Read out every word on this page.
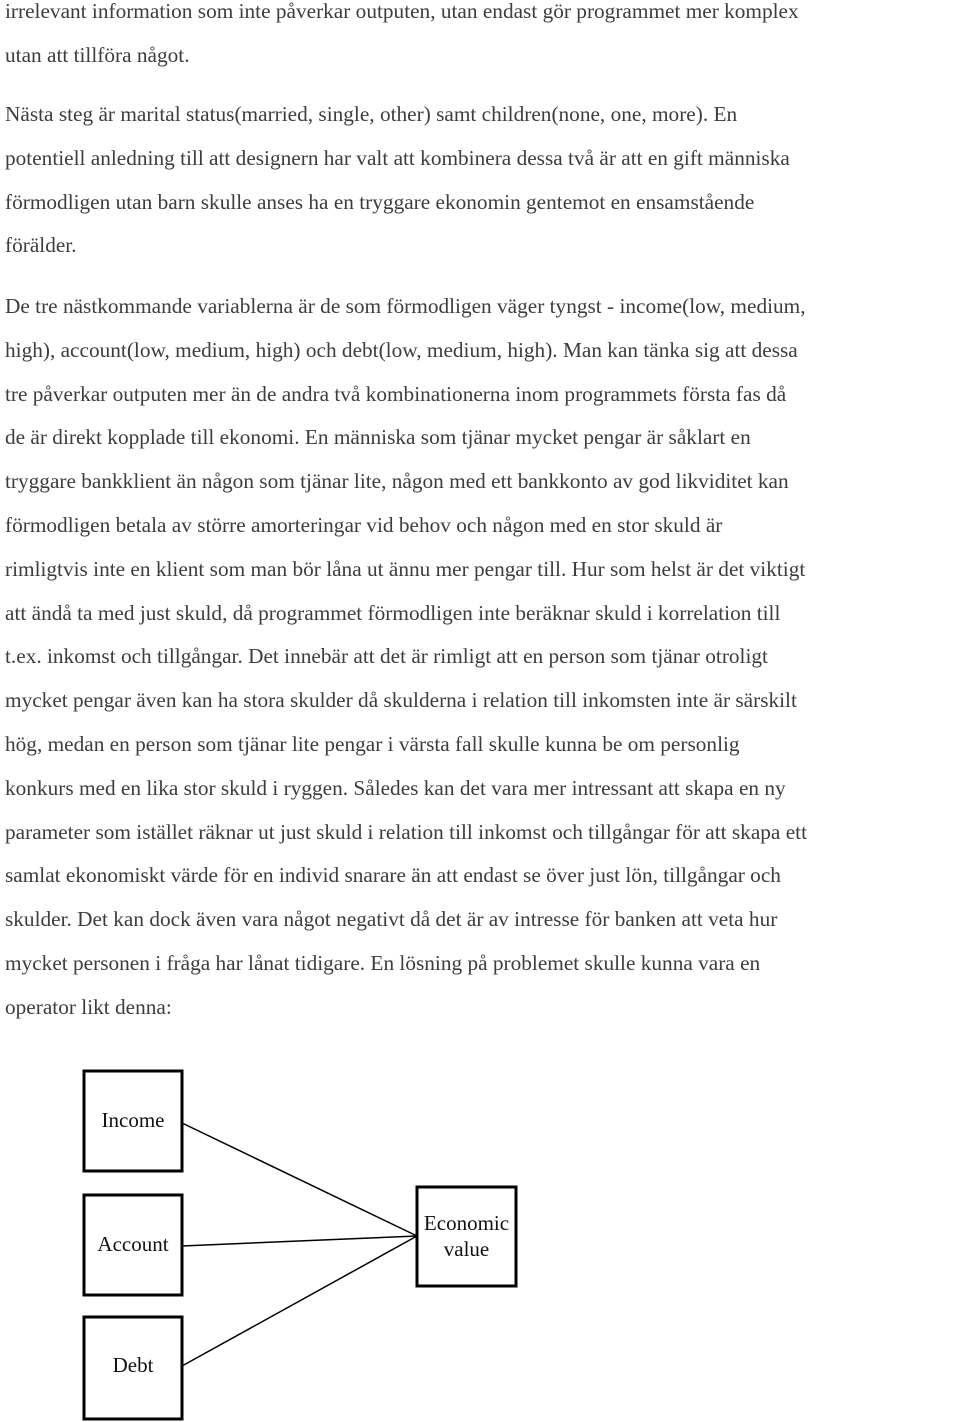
irrelevant information som inte påverkar outputen, utan endast gör programmet mer komplex
utan att tillföra något.

Nästa steg är marital status(married, single, other) samt children(none, one, more). En
potentiell anledning till att designern har valt att kombinera dessa två är att en gift människa
förmodligen utan barn skulle anses ha en tryggare ekonomin gentemot en ensamstående
förälder.

De tre nästkommande variablerna är de som förmodligen väger tyngst - income(low, medium,
high), account(low, medium, high) och debt(low, medium, high). Man kan tänka sig att dessa
tre påverkar outputen mer än de andra två kombinationerna inom programmets första fas då
de är direkt kopplade till ekonomi. En människa som tjänar mycket pengar är såklart en
tryggare bankklient än någon som tjänar lite, någon med ett bankkonto av god likviditet kan
förmodligen betala av större amorteringar vid behov och någon med en stor skuld är
rimligtvis inte en klient som man bör låna ut ännu mer pengar till. Hur som helst är det viktigt
att ändå ta med just skuld, då programmet förmodligen inte beräknar skuld i korrelation till
t.ex. inkomst och tillgångar. Det innebär att det är rimligt att en person som tjänar otroligt
mycket pengar även kan ha stora skulder då skulderna i relation till inkomsten inte är särskilt
hög, medan en person som tjänar lite pengar i värsta fall skulle kunna be om personlig
konkurs med en lika stor skuld i ryggen. Således kan det vara mer intressant att skapa en ny
parameter som istället räknar ut just skuld i relation till inkomst och tillgångar för att skapa ett
samlat ekonomiskt värde för en individ snarare än att endast se över just lön, tillgångar och
skulder. Det kan dock även vara något negativt då det är av intresse för banken att veta hur
mycket personen i fråga har lånat tidigare. En lösning på problemet skulle kunna vara en
operator likt denna:

Income
Account
Debt
Economic
value
